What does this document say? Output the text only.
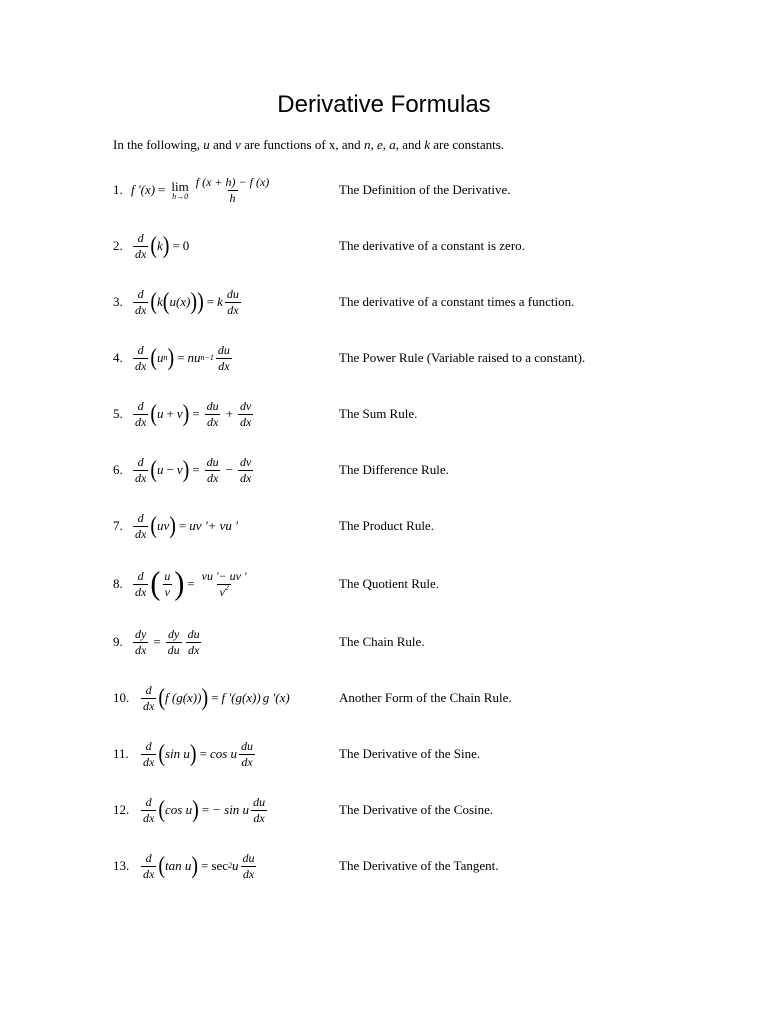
Derivative Formulas
In the following, u and v are functions of x, and n, e, a, and k are constants.
1. f '(x) = lim
$h\to 0 \frac{f (x + h) - f (x)}{h}$	The Definition of the Derivative.
2. $\frac{d}{dx}$ ( k ) = 0	The derivative of a constant is zero.
3. $\frac{d}{dx}$ ( k ( u(x) ) ) = k $\frac{du}{dx}$	The derivative of a constant times a function.
4. $\frac{d}{dx}$ ( u n ) = nu $n-1 \frac{du}{dx}$	The Power Rule (Variable raised to a constant).
5. $\frac{d}{dx}$ ( u + v ) = $\frac{du}{dx} + \frac{dv}{dx}$	The Sum Rule.
6. $\frac{d}{dx}$ ( u − v ) = $\frac{du}{dx} - \frac{dv}{dx}$	The Difference Rule.
7. $\frac{d}{dx}$ ( uv ) = uv '+ vu '	The Product Rule.
8. $\frac{d}{dx}$ ( $\frac{u}{v}$ ) = $\frac{vu '- uv '}{v^2}$	The Quotient Rule.
9. $\frac{dy}{dx} = \frac{dy}{du} \frac{du}{dx}$	The Chain Rule.
10. $\frac{d}{dx}$ ( f (g(x)) ) = f ' (g(x)) g '(x)	Another Form of the Chain Rule.
11.	$\frac{d}{dx}$ ( sin u ) = cos u $\frac{du}{dx}$	The Derivative of the Sine.
12. $\frac{d}{dx}$ ( cos u ) = − sin u $\frac{du}{dx}$	The Derivative of the Cosine.
13. $\frac{d}{dx}$ ( tan u ) = sec 2 u $\frac{du}{dx}$	The Derivative of the Tangent.
